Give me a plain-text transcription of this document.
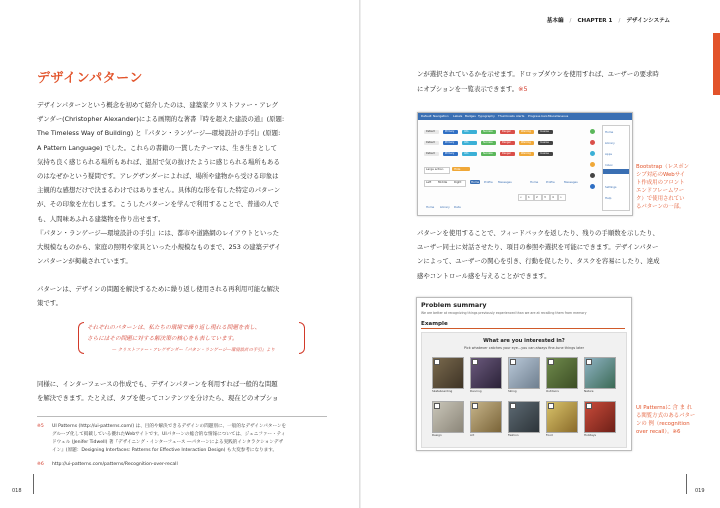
デザインパターン
デザインパターンという概念を初めて紹介したのは、建築家クリストファー・アレグ
ザンダー(Christopher Alexander)による画期的な著書『時を超えた建設の道』(原題:
The Timeless Way of Building) と『パタン・ランゲージ―環境設計の手引』(原題:
A Pattern Language) でした。これらの書籍の一貫したテーマは、生き生きとして
気持ち良く感じられる場所もあれば、退屈で気の抜けたように感じられる場所もある
のはなぜかという疑問です。アレグザンダーによれば、場所や建物から受ける印象は
主観的な感想だけで決まるわけではありません。具体的な形を有した特定のパターン
が、その印象を左右します。こうしたパターンを学んで利用することで、普通の人で
も、人間味あふれる建築物を作り出せます。
『パタン・ランゲージ―環境設計の手引』には、都市や道路網のレイアウトといった
大規模なものから、家庭の照明や家具といった小規模なものまで、253 の建築デザイ
ンパターンが掲載されています。
パターンは、デザインの問題を解決するために繰り返し使用される再利用可能な解決
策です。
それぞれのパターンは、私たちの環境で繰り返し現れる問題を表し、
さらにはその問題に対する解決策の核心をも表しています。
— クリストファー・アレグザンダー『パタン・ランゲージ―環境設計の手引』より
同様に、インターフェースの作成でも、デザインパターンを利用すれば一般的な問題
を解決できます。たとえば、タブを使ってコンテンツを分けたら、現在どのオプショ
※5 UI Patterns (http://ui-patterns.com/) は、目的や解決できるデザインの問題別に、一般的なデザインパターンを
グループ化して掲載している優れたWebサイトです。UIパターンの総合的な情報については、ジェニファー・ティ
ドウェル (Jenifer Tidwell) 著『デザイニング・インターフェース ―パターンによる実践的インタラクションデザ
イン』(原題：Designing Interfaces: Patterns for Effective Interaction Design) も大変参考になります。
※6 http://ui-patterns.com/patterns/Recognition-over-recall
018
基本編 / CHAPTER 1 / デザインシステム
ンが選択されているかを示せます。ドロップダウンを使用すれば、ユーザーの要求時
にオプションを一覧表示できます。※5
Default Navigation Labels Badges Typography Thumbnails Alerts Progress bars Miscellaneous
Default	Primary	Info	Success	Danger	Warning	Inverse
Default	Primary	Info	Success	Danger	Warning	Inverse
Default	Primary	Info	Success	Danger	Warning	Inverse
Large action	Hide
Left Middle Right	Home Profile Messages	Home	Profile	Messages
« 1 2 3 4 »
Home Library Data
Home
Library
Apps
Inbox
Profile
Settings
Help
Bootstrap（レスポン
シブ対応のWebサイ
ト作成用のフロント
エンドフレームワー
ク）で使用されてい
るパターンの一部。
パターンを使用することで、フィードバックを返したり、残りの手順数を示したり、
ユーザー同士に対話させたり、項目の参照や選択を可能にできます。デザインパター
ンによって、ユーザーの関心を引き、行動を促したり、タスクを容易にしたり、達成
感やコントロール感を与えることができます。
Problem summary
We are better at recognizing things previously experienced than we are at recalling them from memory
Example
What are you interested in?
Pick whatever catches your eye...you can always fine-tune things later
Skateboarding	Dancing	Skiing	Outdoors	Nature
Design	Art	Fashion	Food	Holidays
UI Patternsに 含 ま れ
る閲覧方式のあるパター
ンの 例（recognition
over recall）。※6
019
